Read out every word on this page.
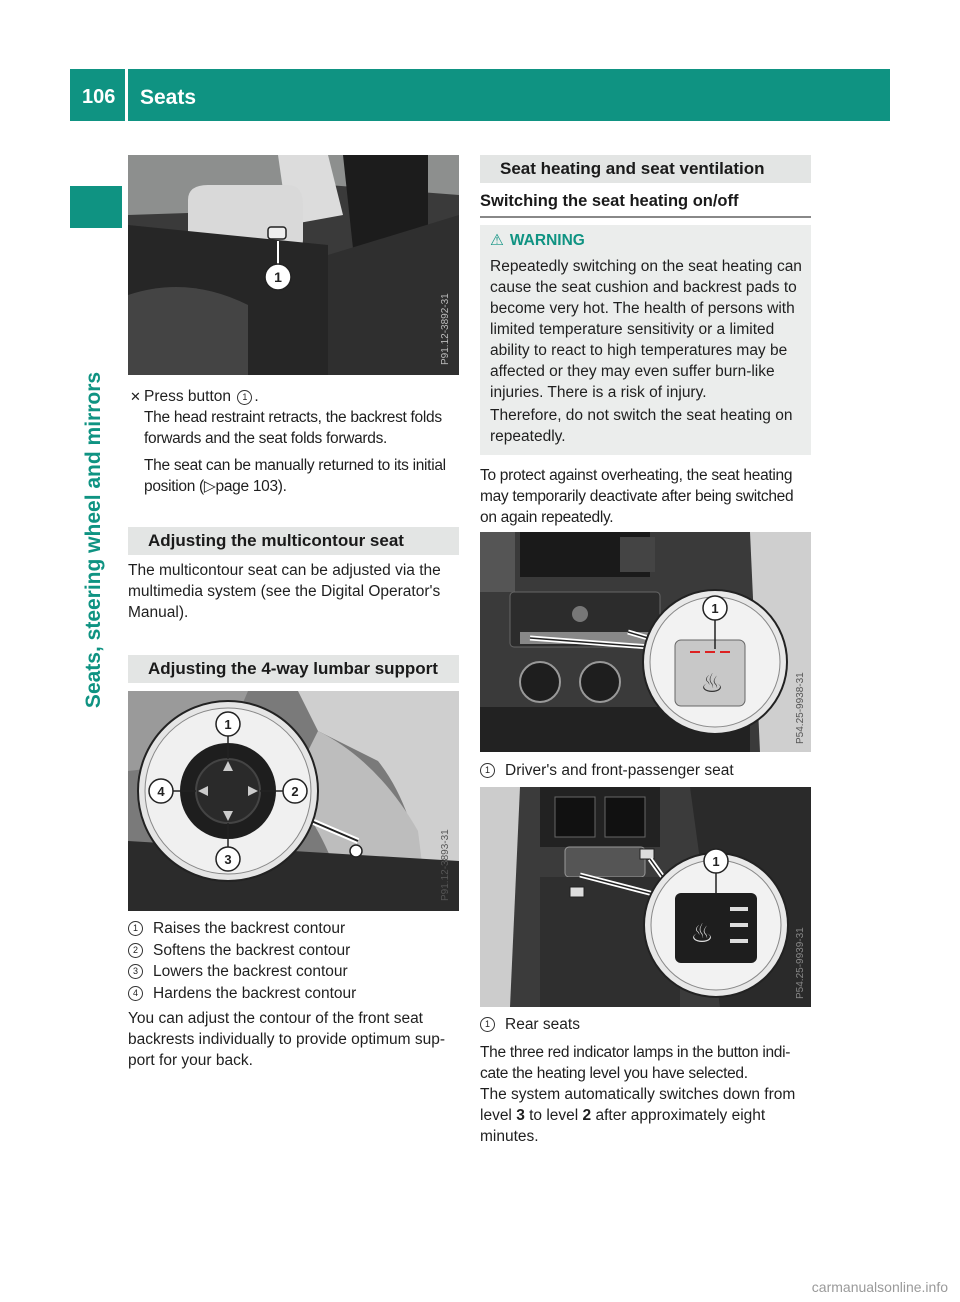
106 Seats
Seats, steering wheel and mirrors
1
P91.12-3892-31
✕ Press button 1 .
The head restraint retracts, the backrest folds forwards and the seat folds forwards.
The seat can be manually returned to its initial position (▷page 103).
Adjusting the multicontour seat
The multicontour seat can be adjusted via the multimedia system (see the Digital Operator's Manual).
Adjusting the 4-way lumbar support
1
2
3
4
P91.12-3893-31
1 Raises the backrest contour
2 Softens the backrest contour
3 Lowers the backrest contour
4 Hardens the backrest contour
You can adjust the contour of the front seat backrests individually to provide optimum sup-port for your back.
Seat heating and seat ventilation
Switching the seat heating on/off
⚠ WARNING
Repeatedly switching on the seat heating can cause the seat cushion and backrest pads to become very hot. The health of persons with limited temperature sensitivity or a limited ability to react to high temperatures may be affected or they may even suffer burn-like injuries. There is a risk of injury.
Therefore, do not switch the seat heating on repeatedly.
To protect against overheating, the seat heating may temporarily deactivate after being switched on again repeatedly.
♨
1
P54.25-9938-31
1 Driver's and front-passenger seat
♨
1
P54.25-9939-31
1 Rear seats
The three red indicator lamps in the button indi-cate the heating level you have selected.
The system automatically switches down from level 3 to level 2 after approximately eight minutes.
carmanualsonline.info
